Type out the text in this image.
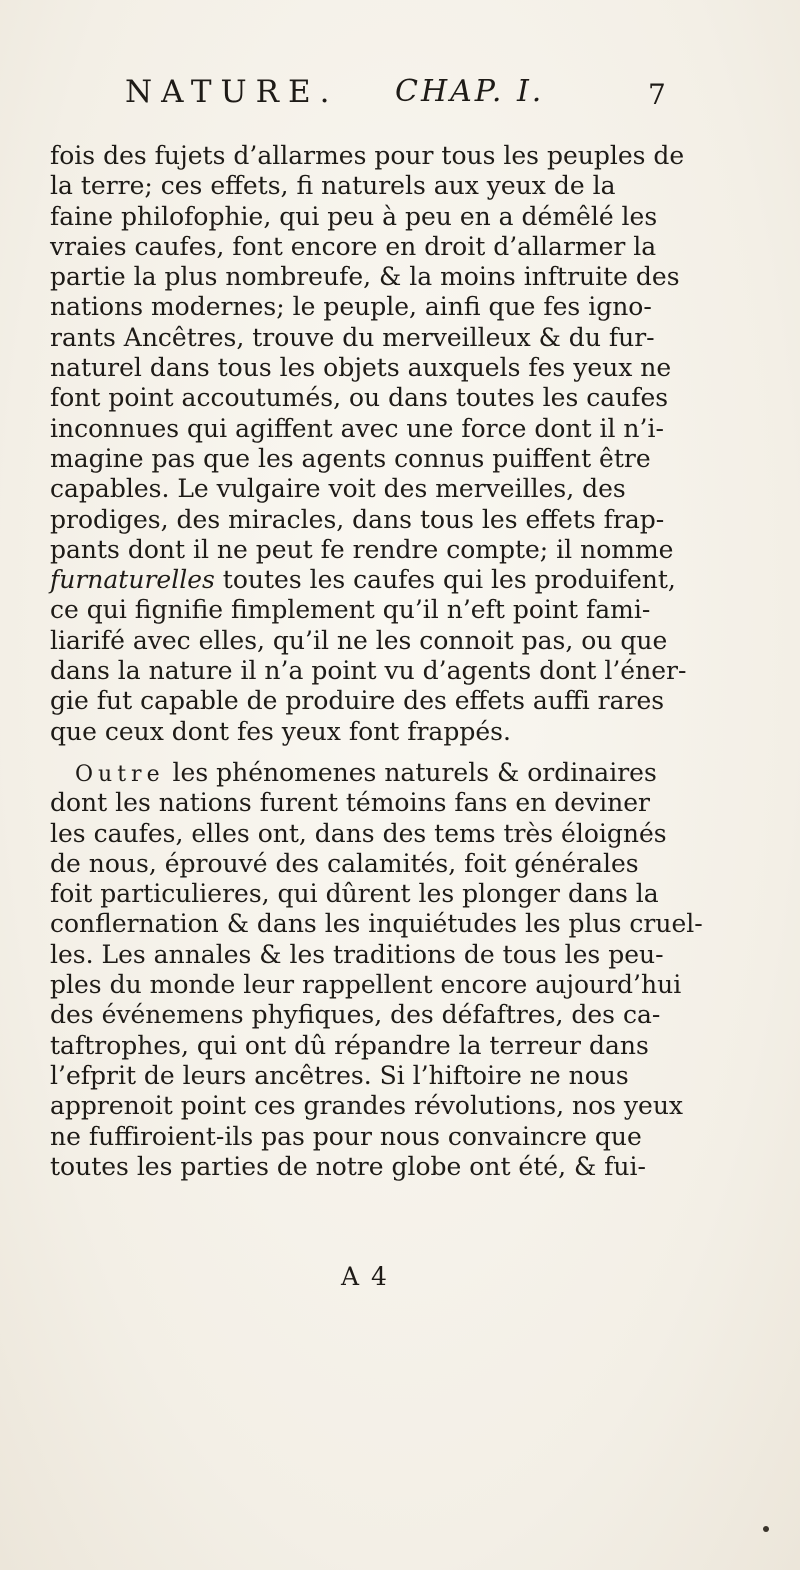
NATURE. CHAP. I.	7
fois des fujets d’allarmes pour tous les peuples de
la terre; ces effets, fi naturels aux yeux de la
faine philofophie, qui peu à peu en a démêlé les
vraies caufes, font encore en droit d’allarmer la
partie la plus nombreufe, & la moins inftruite des
nations modernes; le peuple, ainfi que fes igno-
rants Ancêtres, trouve du merveilleux & du fur-
naturel dans tous les objets auxquels fes yeux ne
font point accoutumés, ou dans toutes les caufes
inconnues qui agiffent avec une force dont il n’i-
magine pas que les agents connus puiffent être
capables. Le vulgaire voit des merveilles, des
prodiges, des miracles, dans tous les effets frap-
pants dont il ne peut fe rendre compte; il nomme
furnaturelles toutes les caufes qui les produifent,
ce qui fignifie fimplement qu’il n’eft point fami-
liarifé avec elles, qu’il ne les connoit pas, ou que
dans la nature il n’a point vu d’agents dont l’éner-
gie fut capable de produire des effets auffi rares
que ceux dont fes yeux font frappés.
 Outre les phénomenes naturels & ordinaires
dont les nations furent témoins fans en deviner
les caufes, elles ont, dans des tems très éloignés
de nous, éprouvé des calamités, foit générales
foit particulieres, qui dûrent les plonger dans la
conflernation & dans les inquiétudes les plus cruel-
les. Les annales & les traditions de tous les peu-
ples du monde leur rappellent encore aujourd’hui
des événemens phyfiques, des défaftres, des ca-
taftrophes, qui ont dû répandre la terreur dans
l’efprit de leurs ancêtres. Si l’hiftoire ne nous
apprenoit point ces grandes révolutions, nos yeux
ne fuffiroient-ils pas pour nous convaincre que
toutes les parties de notre globe ont été, & fui-
A 4
